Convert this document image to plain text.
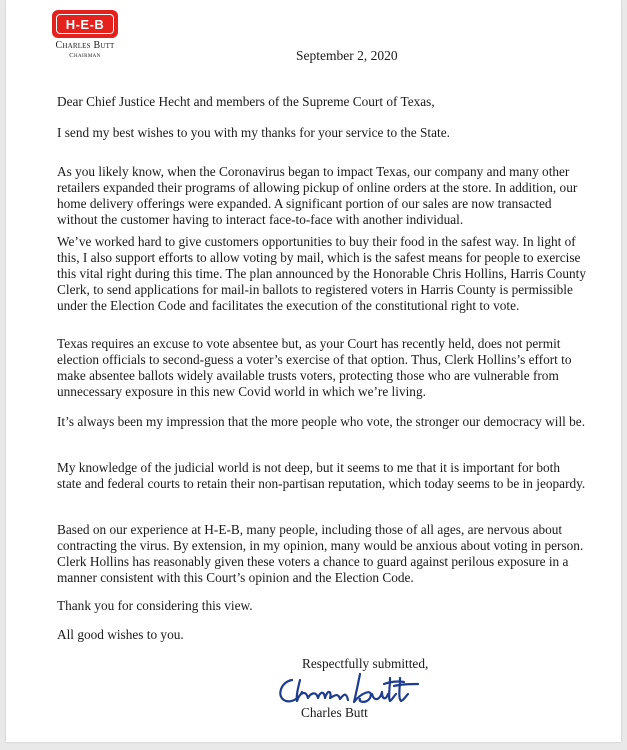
H-E-B
Charles Butt
Chairman	September 2, 2020

Dear Chief Justice Hecht and members of the Supreme Court of Texas,

I send my best wishes to you with my thanks for your service to the State.

As you likely know, when the Coronavirus began to impact Texas, our company and many other retailers expanded their programs of allowing pickup of online orders at the store. In addition, our home delivery offerings were expanded. A significant portion of our sales are now transacted without the customer having to interact face-to-face with another individual.

We’ve worked hard to give customers opportunities to buy their food in the safest way. In light of this, I also support efforts to allow voting by mail, which is the safest means for people to exercise this vital right during this time. The plan announced by the Honorable Chris Hollins, Harris County Clerk, to send applications for mail-in ballots to registered voters in Harris County is permissible under the Election Code and facilitates the execution of the constitutional right to vote.

Texas requires an excuse to vote absentee but, as your Court has recently held, does not permit election officials to second-guess a voter’s exercise of that option. Thus, Clerk Hollins’s effort to make absentee ballots widely available trusts voters, protecting those who are vulnerable from unnecessary exposure in this new Covid world in which we’re living.

It’s always been my impression that the more people who vote, the stronger our democracy will be.

My knowledge of the judicial world is not deep, but it seems to me that it is important for both state and federal courts to retain their non-partisan reputation, which today seems to be in jeopardy.

Based on our experience at H-E-B, many people, including those of all ages, are nervous about contracting the virus. By extension, in my opinion, many would be anxious about voting in person. Clerk Hollins has reasonably given these voters a chance to guard against perilous exposure in a manner consistent with this Court’s opinion and the Election Code.

Thank you for considering this view.

All good wishes to you.

Respectfully submitted,
Charles Butt
